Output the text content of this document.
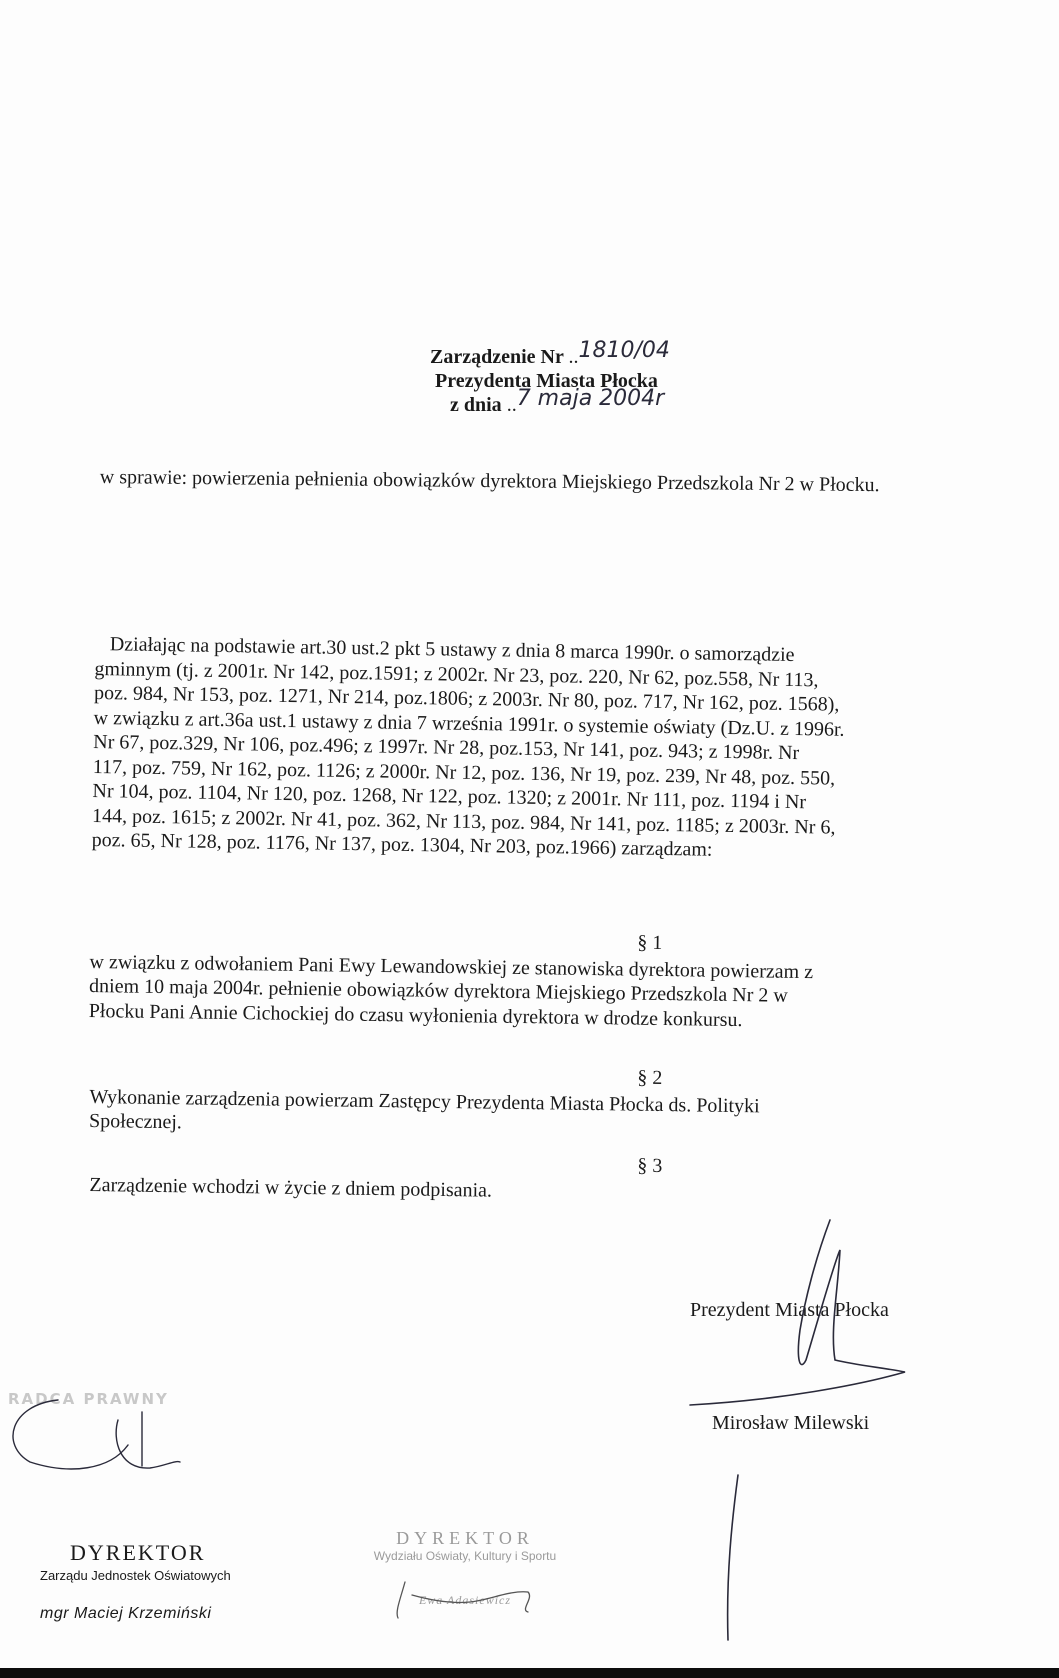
Zarządzenie Nr ..1810/04
Prezydenta Miasta Płocka
z dnia ..7 maja 2004r
w sprawie: powierzenia pełnienia obowiązków dyrektora Miejskiego Przedszkola Nr 2 w Płocku.

Działając na podstawie art.30 ust.2 pkt 5 ustawy z dnia 8 marca 1990r. o samorządzie

gminnym (tj. z 2001r. Nr 142, poz.1591; z 2002r. Nr 23, poz. 220, Nr 62, poz.558, Nr 113,

poz. 984, Nr 153, poz. 1271, Nr 214, poz.1806; z 2003r. Nr 80, poz. 717, Nr 162, poz. 1568),

w związku z art.36a ust.1 ustawy z dnia 7 września 1991r. o systemie oświaty (Dz.U. z 1996r.

Nr 67, poz.329, Nr 106, poz.496; z 1997r. Nr 28, poz.153, Nr 141, poz. 943; z 1998r. Nr

117, poz. 759, Nr 162, poz. 1126; z 2000r. Nr 12, poz. 136, Nr 19, poz. 239, Nr 48, poz. 550,

Nr 104, poz. 1104, Nr 120, poz. 1268, Nr 122, poz. 1320; z 2001r. Nr 111, poz. 1194 i Nr

144, poz. 1615; z 2002r. Nr 41, poz. 362, Nr 113, poz. 984, Nr 141, poz. 1185; z 2003r. Nr 6,

poz. 65, Nr 128, poz. 1176, Nr 137, poz. 1304, Nr 203, poz.1966) zarządzam:

§ 1

w związku z odwołaniem Pani Ewy Lewandowskiej ze stanowiska dyrektora powierzam z

dniem 10 maja 2004r. pełnienie obowiązków dyrektora Miejskiego Przedszkola Nr 2 w

Płocku Pani Annie Cichockiej do czasu wyłonienia dyrektora w drodze konkursu.

§ 2

Wykonanie zarządzenia powierzam Zastępcy Prezydenta Miasta Płocka ds. Polityki

Społecznej.

§ 3

Zarządzenie wchodzi w życie z dniem podpisania.

Prezydent Miasta Płocka
Mirosław Milewski
RADCA PRAWNY
DYREKTOR
Zarządu Jednostek Oświatowych
mgr Maciej Krzemiński
DYREKTOR
Wydziału Oświaty, Kultury i Sportu
Ewa Adasiewicz
